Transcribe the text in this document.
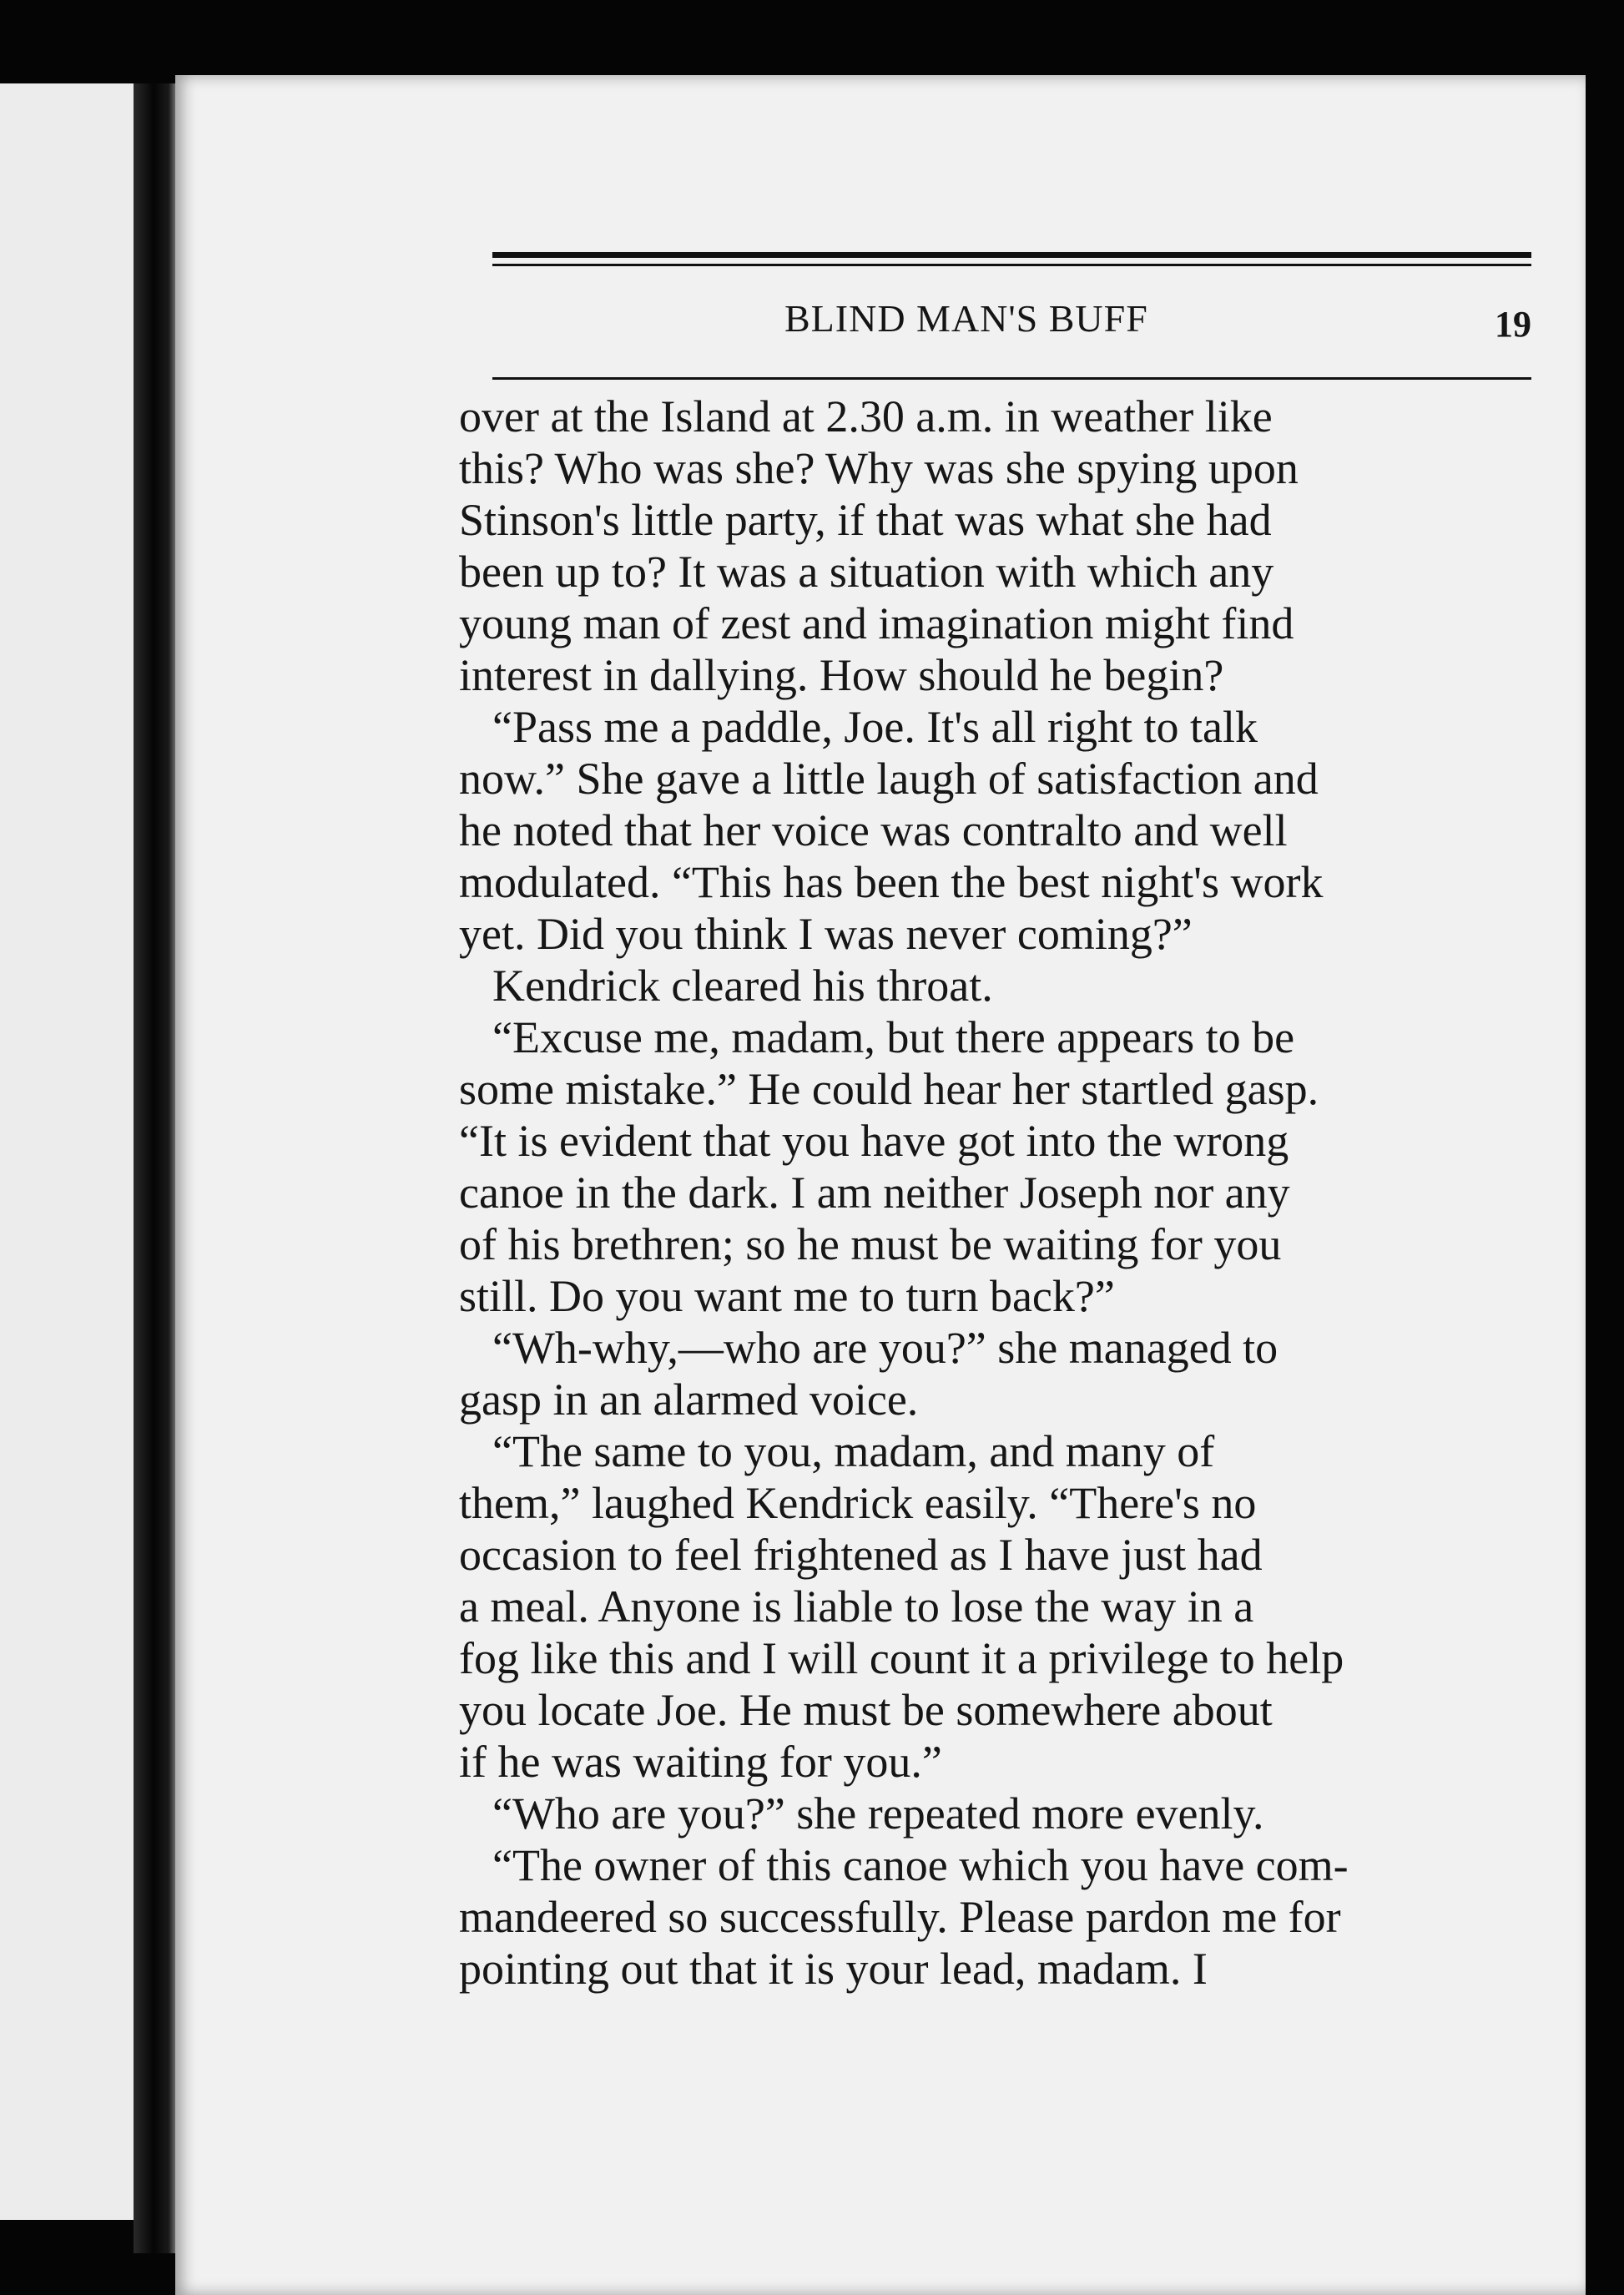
BLIND MAN'S BUFF	19
over at the Island at 2.30 a.m. in weather like
this? Who was she? Why was she spying upon
Stinson's little party, if that was what she had
been up to? It was a situation with which any
young man of zest and imagination might find
interest in dallying. How should he begin?
“Pass me a paddle, Joe. It's all right to talk
now.” She gave a little laugh of satisfaction and
he noted that her voice was contralto and well
modulated. “This has been the best night's work
yet. Did you think I was never coming?”
Kendrick cleared his throat.
“Excuse me, madam, but there appears to be
some mistake.” He could hear her startled gasp.
“It is evident that you have got into the wrong
canoe in the dark. I am neither Joseph nor any
of his brethren; so he must be waiting for you
still. Do you want me to turn back?”
“Wh-why,—who are you?” she managed to
gasp in an alarmed voice.
“The same to you, madam, and many of
them,” laughed Kendrick easily. “There's no
occasion to feel frightened as I have just had
a meal. Anyone is liable to lose the way in a
fog like this and I will count it a privilege to help
you locate Joe. He must be somewhere about
if he was waiting for you.”
“Who are you?” she repeated more evenly.
“The owner of this canoe which you have com-
mandeered so successfully. Please pardon me for
pointing out that it is your lead, madam. I
